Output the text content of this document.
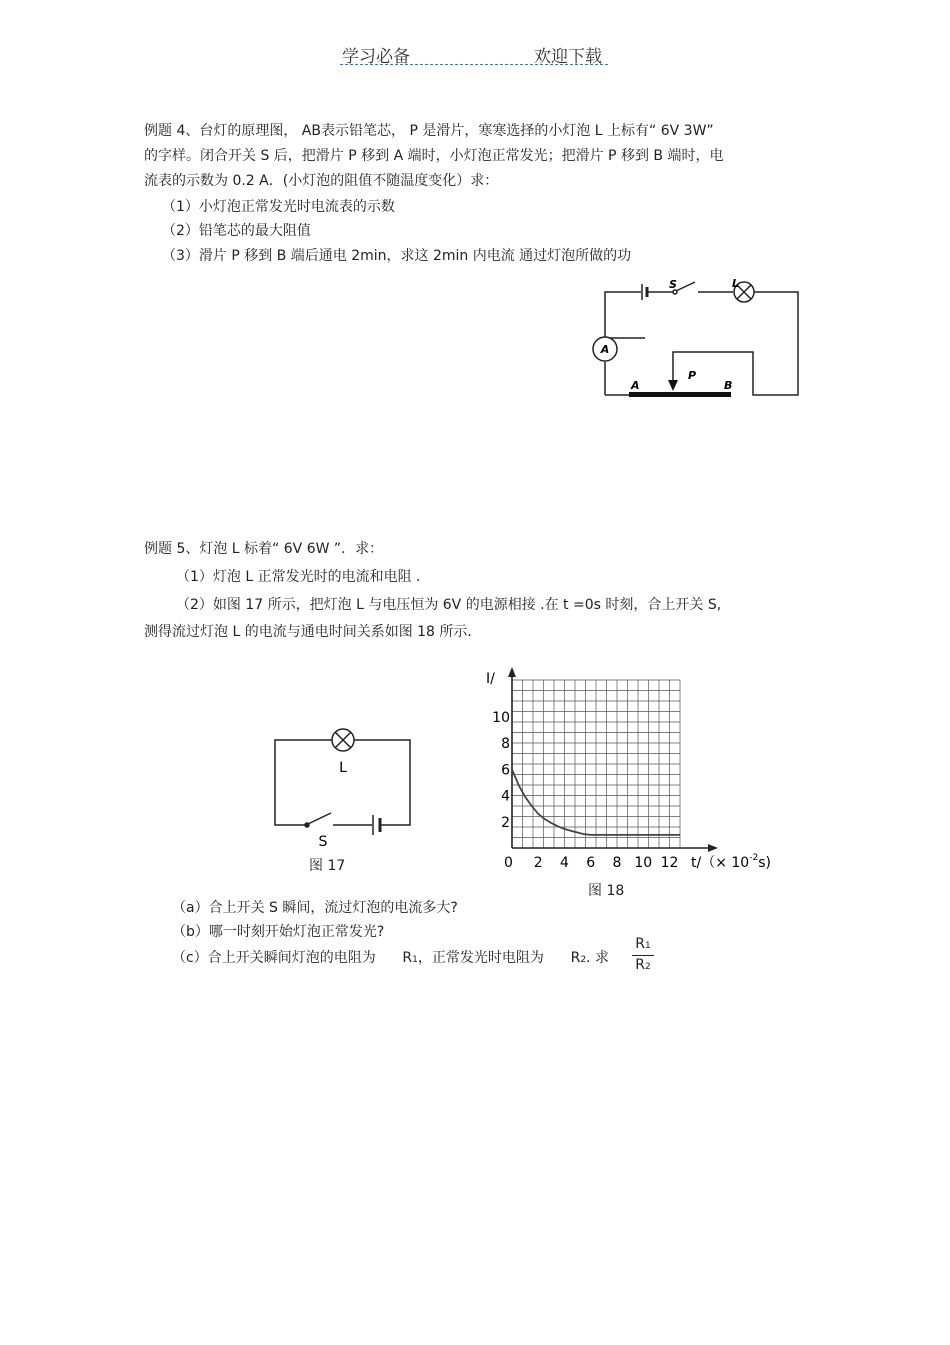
学习必备	欢迎下载
例题 4、台灯的原理图， AB表示铅笔芯， P 是滑片，寒寒选择的小灯泡 L 上标有“ 6V 3W”
的字样。闭合开关 S 后，把滑片 P 移到 A 端时，小灯泡正常发光；把滑片 P 移到 B 端时，电
流表的示数为 0.2 A．(小灯泡的阻值不随温度变化）求：
（1）小灯泡正常发光时电流表的示数
（2）铅笔芯的最大阻值
（3）滑片 P 移到 B 端后通电 2min，求这 2min 内电流 通过灯泡所做的功
A
S	L
P
A	B
例题 5、灯泡 L 标着“ 6V 6W ”．求：
（1）灯泡 L 正常发光时的电流和电阻 ．
（2）如图 17 所示，把灯泡 L 与电压恒为 6V 的电源相接 .在 t =0s 时刻，合上开关 S,
测得流过灯泡 L 的电流与通电时间关系如图 18 所示．
L
S
图 17	2 4 6 8 10 12
2
4
6
8
10
I/
0	$t/(\times 10^{-2}s)$
图 18
（a）合上开关 S 瞬间，流过灯泡的电流多大?
（b）哪一时刻开始灯泡正常发光?
（c）合上开关瞬间灯泡的电阻为 R1，正常发光时电阻为 R2. 求
R1
R2
